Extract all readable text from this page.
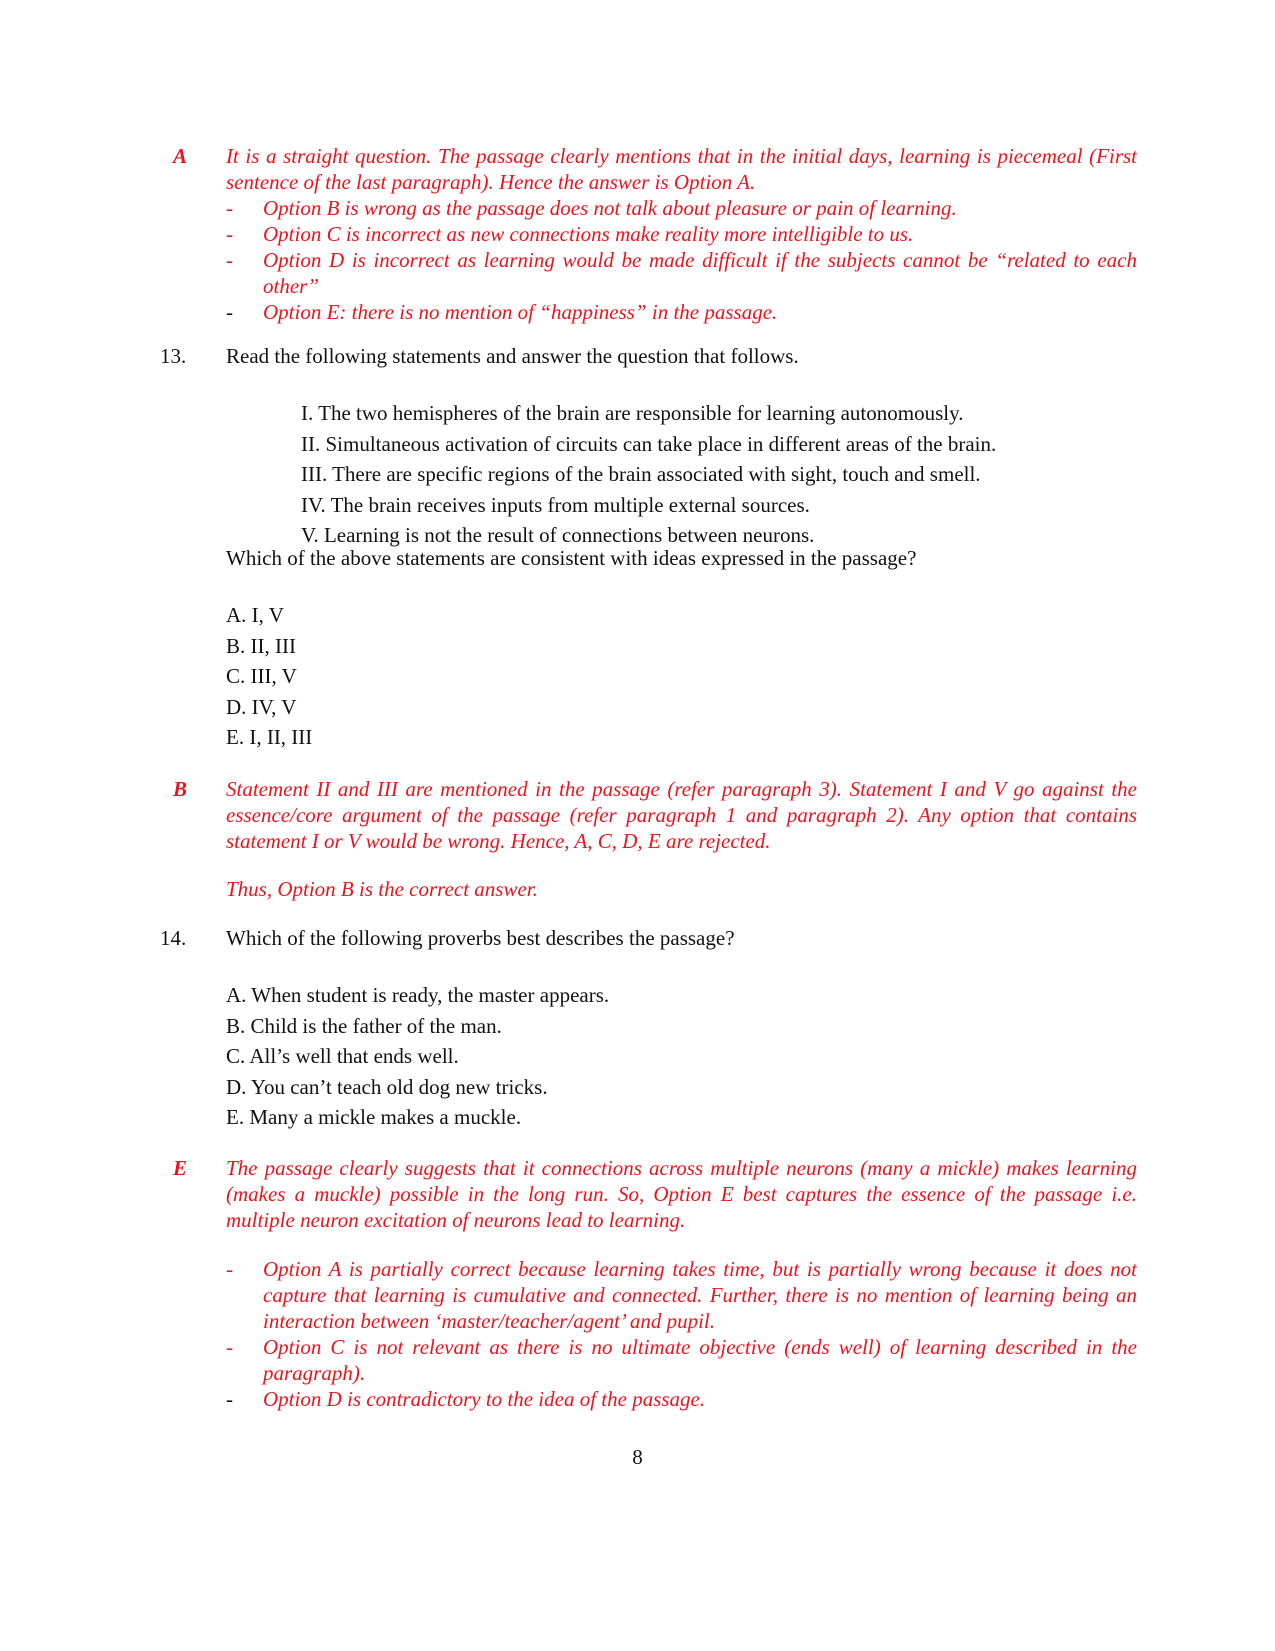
A It is a straight question. The passage clearly mentions that in the initial days, learning is piecemeal (First sentence of the last paragraph). Hence the answer is Option A.
- Option B is wrong as the passage does not talk about pleasure or pain of learning.
- Option C is incorrect as new connections make reality more intelligible to us.
- Option D is incorrect as learning would be made difficult if the subjects cannot be “related to each other”
- Option E: there is no mention of “happiness” in the passage.
13. Read the following statements and answer the question that follows.
I. The two hemispheres of the brain are responsible for learning autonomously.
II. Simultaneous activation of circuits can take place in different areas of the brain.
III. There are specific regions of the brain associated with sight, touch and smell.
IV. The brain receives inputs from multiple external sources.
V. Learning is not the result of connections between neurons.
Which of the above statements are consistent with ideas expressed in the passage?
A. I, V
B. II, III
C. III, V
D. IV, V
E. I, II, III
B Statement II and III are mentioned in the passage (refer paragraph 3). Statement I and V go against the essence/core argument of the passage (refer paragraph 1 and paragraph 2). Any option that contains statement I or V would be wrong. Hence, A, C, D, E are rejected.
Thus, Option B is the correct answer.
14. Which of the following proverbs best describes the passage?
A. When student is ready, the master appears.
B. Child is the father of the man.
C. All’s well that ends well.
D. You can’t teach old dog new tricks.
E. Many a mickle makes a muckle.
E The passage clearly suggests that it connections across multiple neurons (many a mickle) makes learning (makes a muckle) possible in the long run. So, Option E best captures the essence of the passage i.e. multiple neuron excitation of neurons lead to learning.
- Option A is partially correct because learning takes time, but is partially wrong because it does not capture that learning is cumulative and connected. Further, there is no mention of learning being an interaction between ‘master/teacher/agent’ and pupil.
- Option C is not relevant as there is no ultimate objective (ends well) of learning described in the paragraph).
- Option D is contradictory to the idea of the passage.
8
